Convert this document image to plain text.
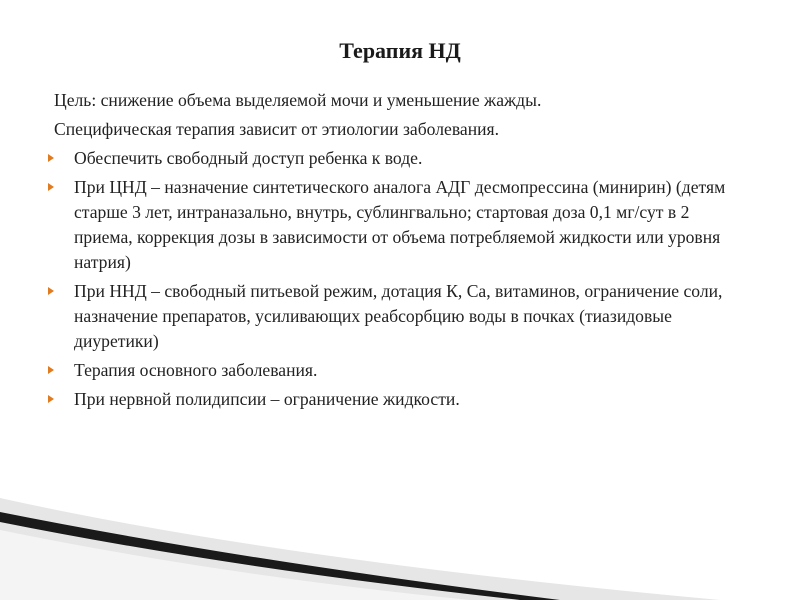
Терапия НД
Цель: снижение объема выделяемой мочи и уменьшение жажды.
Специфическая терапия зависит от этиологии заболевания.
Обеспечить свободный доступ ребенка к воде.
При ЦНД – назначение синтетического аналога АДГ десмопрессина (минирин) (детям старше 3 лет, интраназально, внутрь, сублингвально; стартовая доза 0,1 мг/сут в 2 приема, коррекция дозы в зависимости от объема потребляемой жидкости или уровня натрия)
При ННД – свободный питьевой режим, дотация К, Са, витаминов, ограничение соли, назначение препаратов, усиливающих реабсорбцию воды в почках (тиазидовые диуретики)
Терапия основного заболевания.
При нервной полидипсии – ограничение жидкости.
